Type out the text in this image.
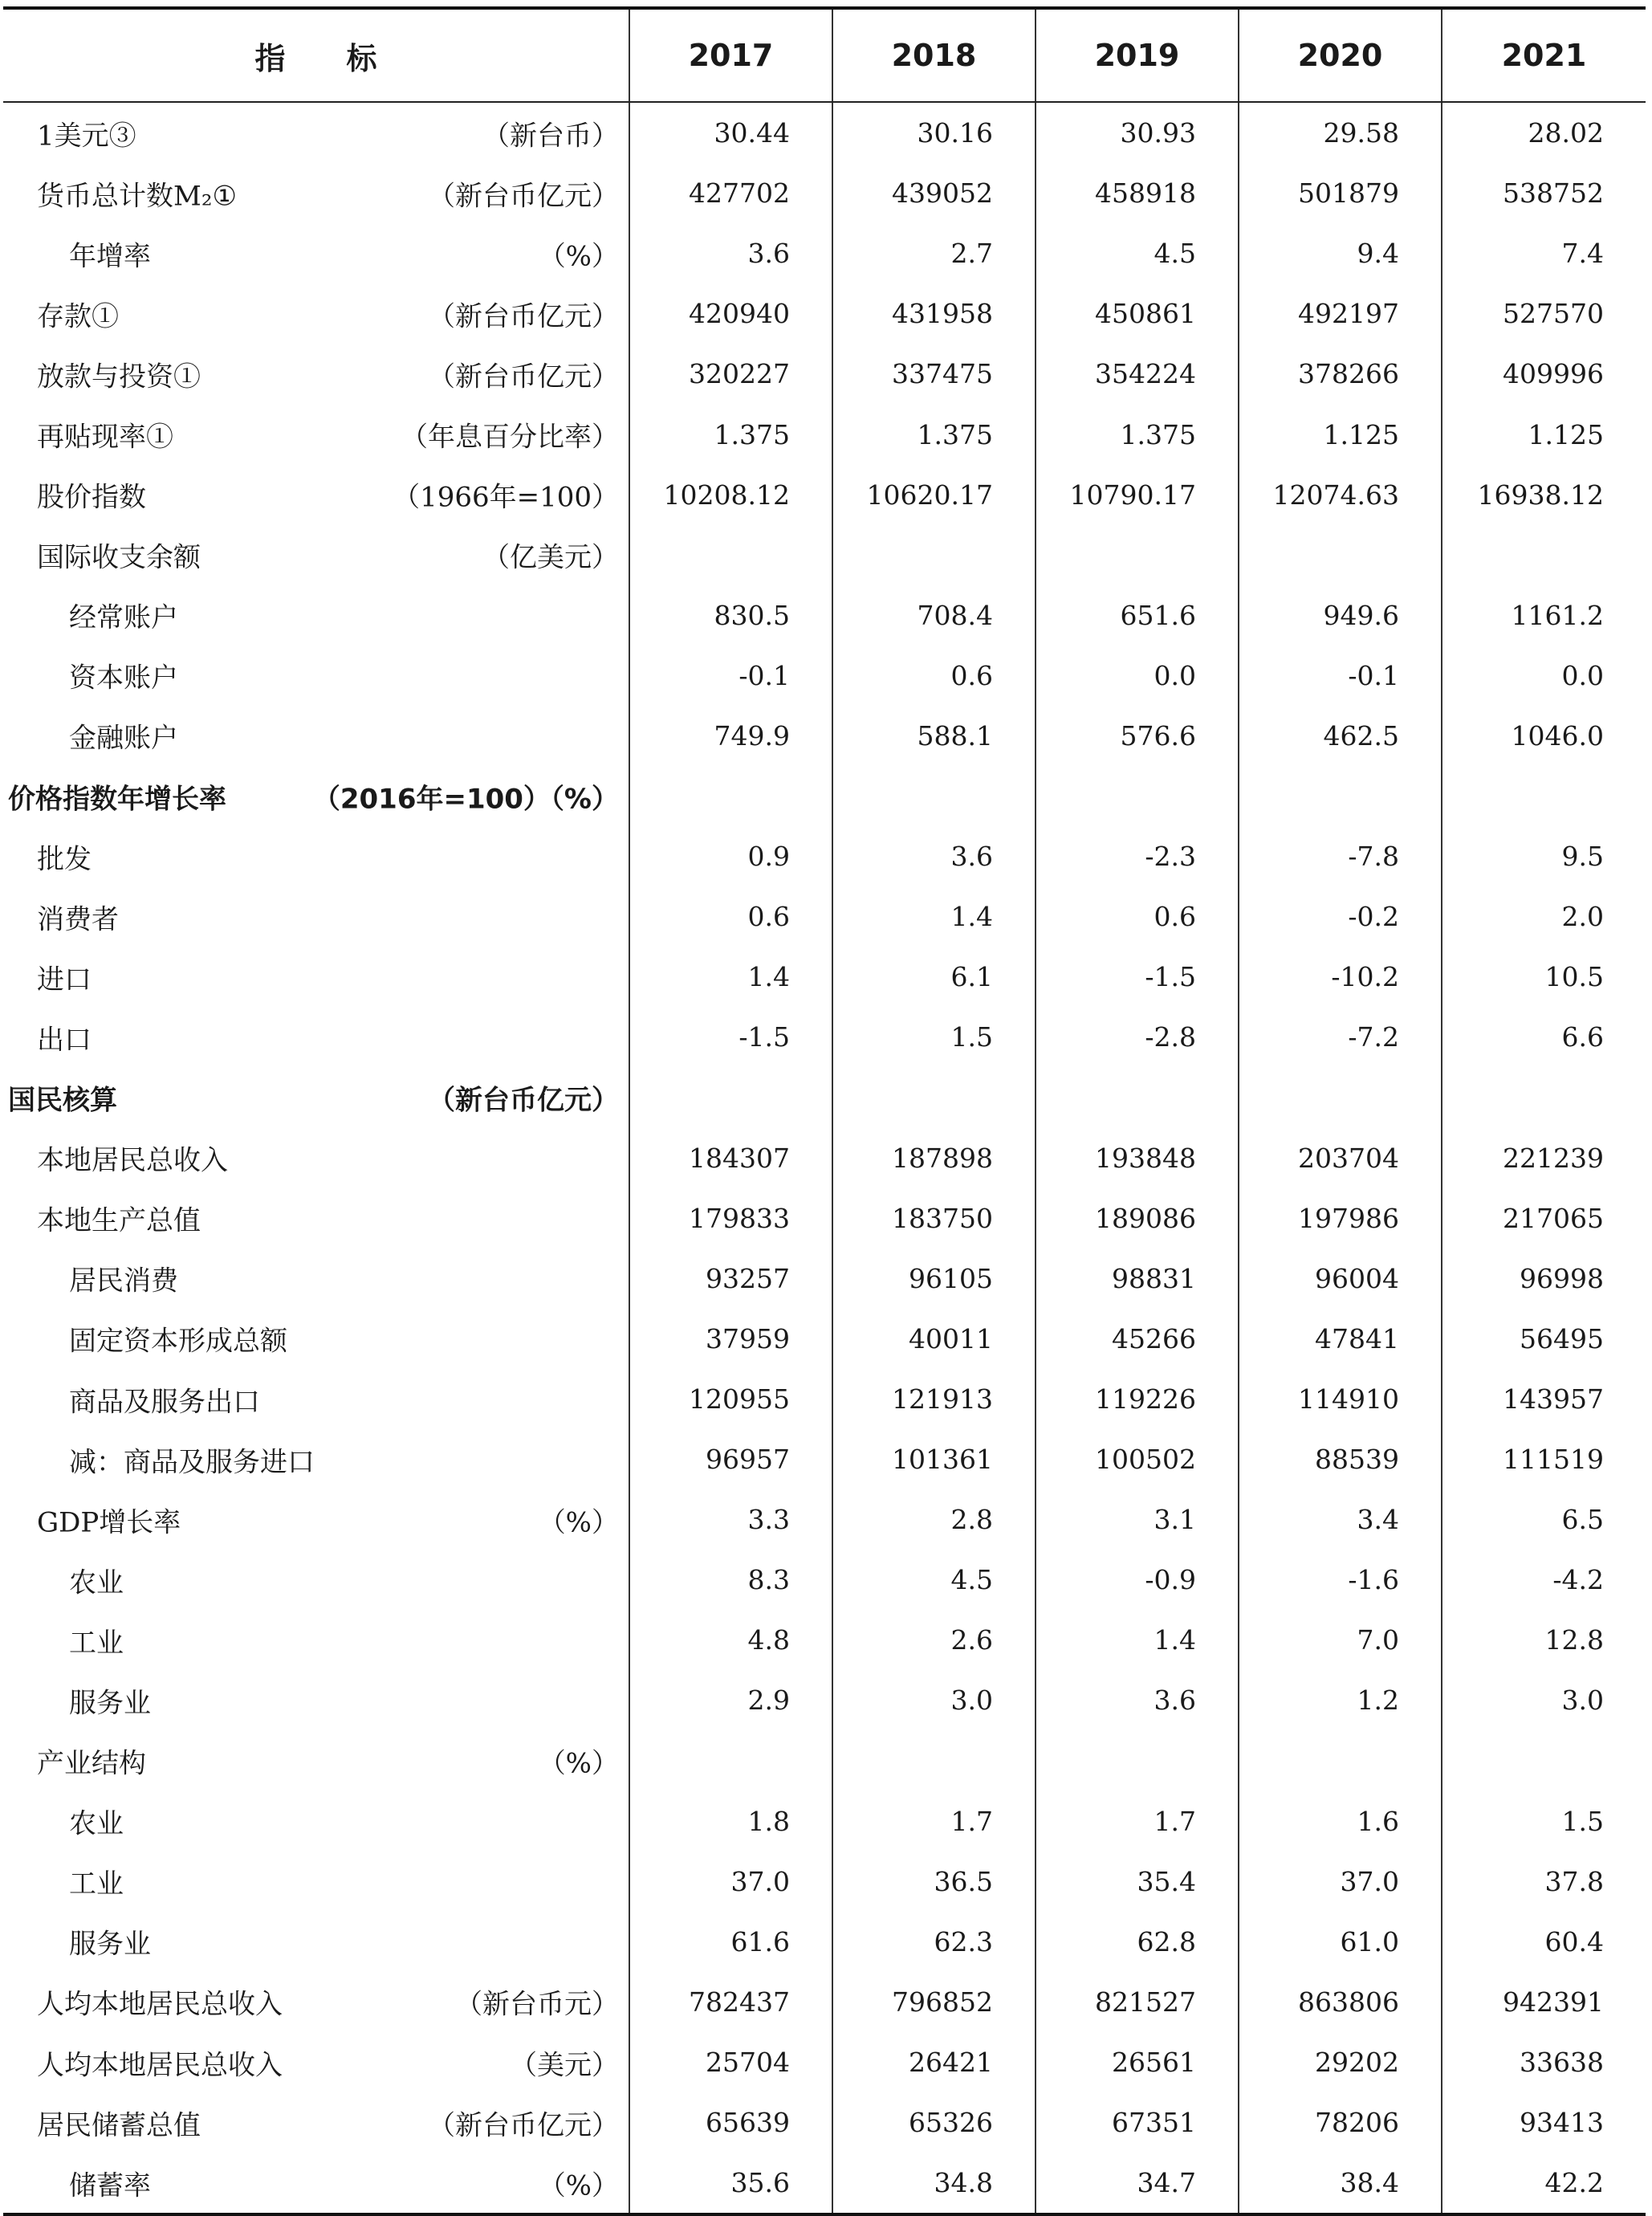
指　　标	2017	2018	2019	2020	2021

1美元③ （新台币）	30.44	30.16	30.93	29.58	28.02

货币总计数M₂① （新台币亿元）	427702	439052	458918	501879	538752

年增率 （%）	3.6	2.7	4.5	9.4	7.4

存款① （新台币亿元）	420940	431958	450861	492197	527570

放款与投资① （新台币亿元）	320227	337475	354224	378266	409996

再贴现率① （年息百分比率）	1.375	1.375	1.375	1.125	1.125

股价指数 （1966年=100）	10208.12	10620.17	10790.17	12074.63	16938.12

国际收支余额 （亿美元）					

经常账户	830.5	708.4	651.6	949.6	1161.2

资本账户	-0.1	0.6	0.0	-0.1	0.0

金融账户	749.9	588.1	576.6	462.5	1046.0

价格指数年增长率 （2016年=100）（%）					

批发	0.9	3.6	-2.3	-7.8	9.5

消费者	0.6	1.4	0.6	-0.2	2.0

进口	1.4	6.1	-1.5	-10.2	10.5

出口	-1.5	1.5	-2.8	-7.2	6.6

国民核算 （新台币亿元）					

本地居民总收入	184307	187898	193848	203704	221239

本地生产总值	179833	183750	189086	197986	217065

居民消费	93257	96105	98831	96004	96998

固定资本形成总额	37959	40011	45266	47841	56495

商品及服务出口	120955	121913	119226	114910	143957

减：商品及服务进口	96957	101361	100502	88539	111519

GDP增长率 （%）	3.3	2.8	3.1	3.4	6.5

农业	8.3	4.5	-0.9	-1.6	-4.2

工业	4.8	2.6	1.4	7.0	12.8

服务业	2.9	3.0	3.6	1.2	3.0

产业结构 （%）					

农业	1.8	1.7	1.7	1.6	1.5

工业	37.0	36.5	35.4	37.0	37.8

服务业	61.6	62.3	62.8	61.0	60.4

人均本地居民总收入 （新台币元）	782437	796852	821527	863806	942391

人均本地居民总收入 （美元）	25704	26421	26561	29202	33638

居民储蓄总值 （新台币亿元）	65639	65326	67351	78206	93413

储蓄率 （%）	35.6	34.8	34.7	38.4	42.2
